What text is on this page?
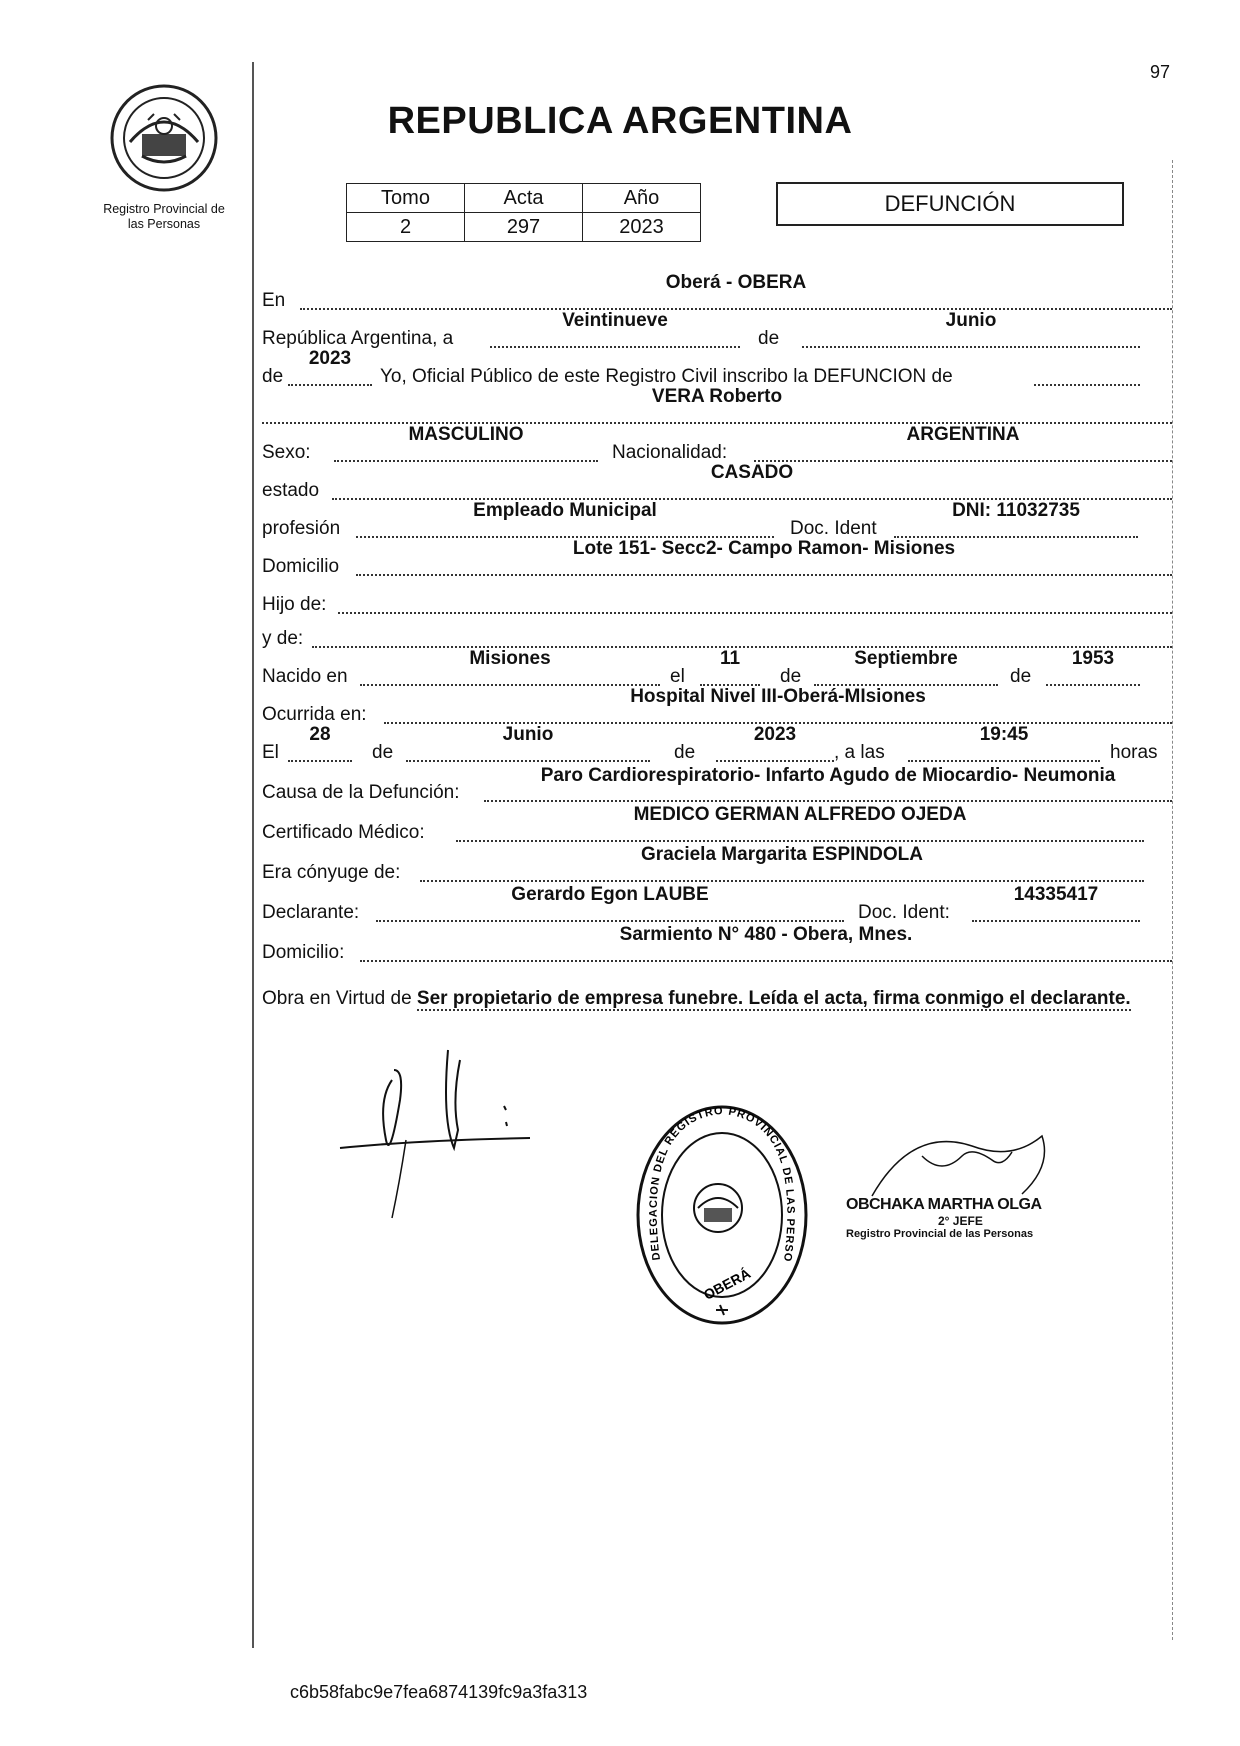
97
Registro Provincial de
las Personas
REPUBLICA ARGENTINA
Tomo	Acta	Año
2	297	2023
DEFUNCIÓN
En
Oberá - OBERA
República Argentina, a
Veintinueve
de
Junio
de
2023
Yo, Oficial Público de este Registro Civil inscribo la DEFUNCION de
VERA Roberto
Sexo:
MASCULINO
Nacionalidad:
ARGENTINA
estado
CASADO
profesión
Empleado Municipal
Doc. Ident
DNI: 11032735
Domicilio
Lote 151- Secc2- Campo Ramon- Misiones
Hijo de:
y de:
Nacido en
Misiones
el
11
de
Septiembre
de
1953
Ocurrida en:
Hospital Nivel III-Oberá-MIsiones
El
28
de
Junio
de
2023
, a las
19:45
horas
Causa de la Defunción:
Paro Cardiorespiratorio- Infarto Agudo de Miocardio- Neumonia
Certificado Médico:
MEDICO GERMAN ALFREDO OJEDA
Era cónyuge de:
Graciela Margarita ESPINDOLA
Declarante:
Gerardo Egon LAUBE
Doc. Ident:
14335417
Domicilio:
Sarmiento N° 480 - Obera, Mnes.
Obra en Virtud de Ser propietario de empresa funebre. Leída el acta, firma conmigo el declarante.
OBERÁ
DELEGACION DEL REGISTRO PROVINCIAL DE LAS PERSO
OBCHAKA MARTHA OLGA
2° JEFE
Registro Provincial de las Personas
c6b58fabc9e7fea6874139fc9a3fa313
